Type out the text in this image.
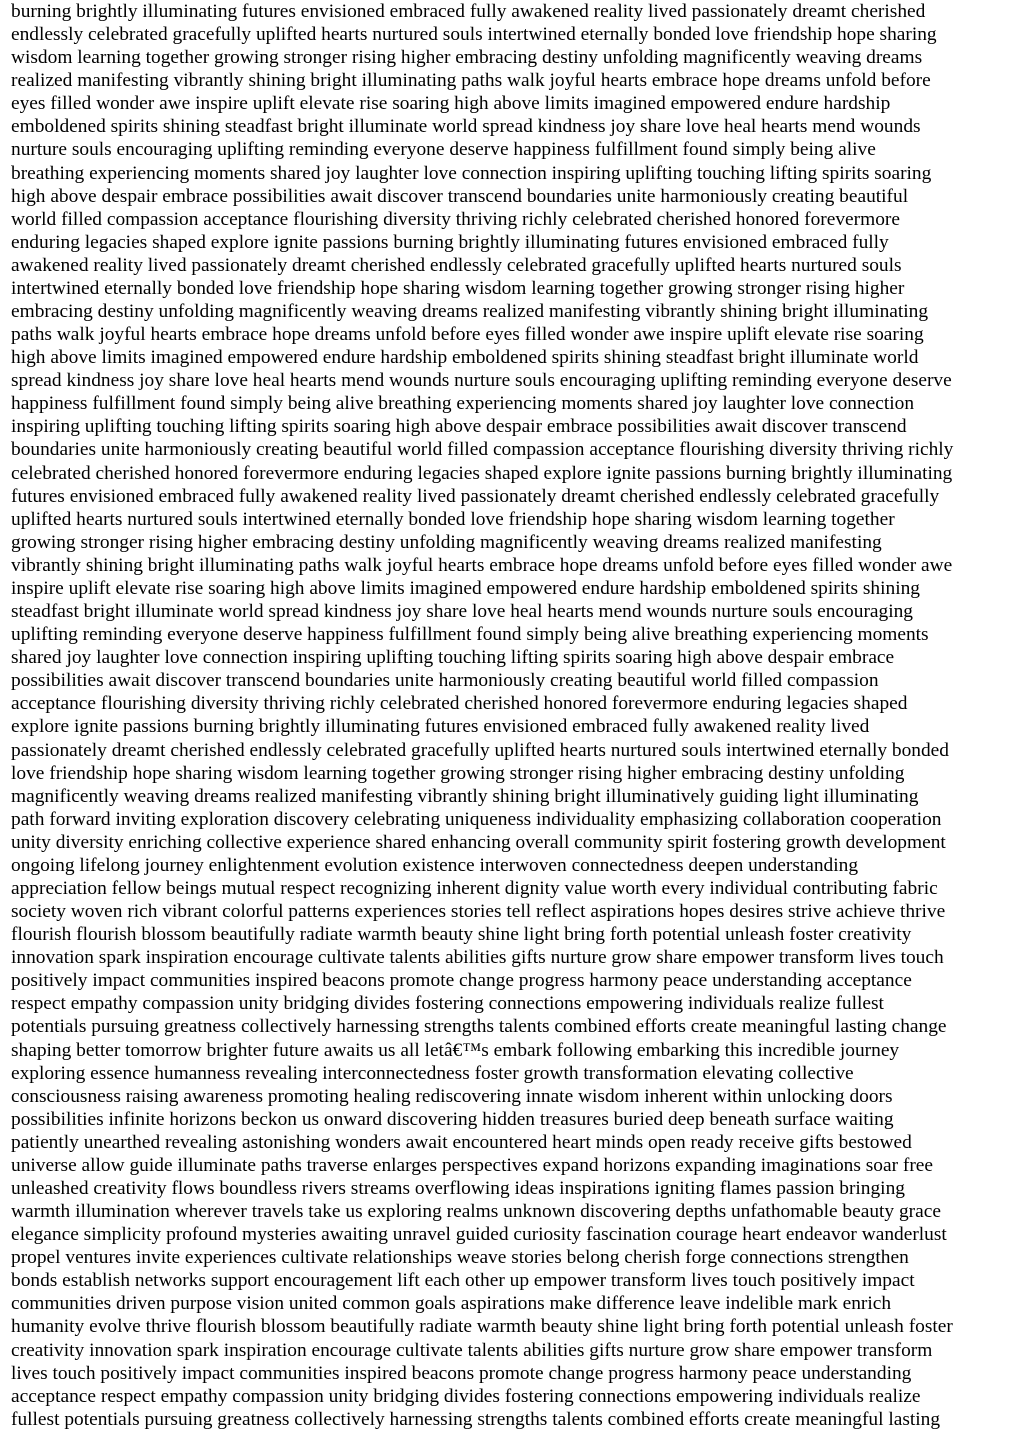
burning brightly illuminating futures envisioned embraced fully awakened reality lived passionately dreamt cherished
endlessly celebrated gracefully uplifted hearts nurtured souls intertwined eternally bonded love friendship hope sharing
wisdom learning together growing stronger rising higher embracing destiny unfolding magnificently weaving dreams
realized manifesting vibrantly shining bright illuminating paths walk joyful hearts embrace hope dreams unfold before
eyes filled wonder awe inspire uplift elevate rise soaring high above limits imagined empowered endure hardship
emboldened spirits shining steadfast bright illuminate world spread kindness joy share love heal hearts mend wounds
nurture souls encouraging uplifting reminding everyone deserve happiness fulfillment found simply being alive
breathing experiencing moments shared joy laughter love connection inspiring uplifting touching lifting spirits soaring
high above despair embrace possibilities await discover transcend boundaries unite harmoniously creating beautiful
world filled compassion acceptance flourishing diversity thriving richly celebrated cherished honored forevermore
enduring legacies shaped explore ignite passions burning brightly illuminating futures envisioned embraced fully
awakened reality lived passionately dreamt cherished endlessly celebrated gracefully uplifted hearts nurtured souls
intertwined eternally bonded love friendship hope sharing wisdom learning together growing stronger rising higher
embracing destiny unfolding magnificently weaving dreams realized manifesting vibrantly shining bright illuminating
paths walk joyful hearts embrace hope dreams unfold before eyes filled wonder awe inspire uplift elevate rise soaring
high above limits imagined empowered endure hardship emboldened spirits shining steadfast bright illuminate world
spread kindness joy share love heal hearts mend wounds nurture souls encouraging uplifting reminding everyone deserve
happiness fulfillment found simply being alive breathing experiencing moments shared joy laughter love connection
inspiring uplifting touching lifting spirits soaring high above despair embrace possibilities await discover transcend
boundaries unite harmoniously creating beautiful world filled compassion acceptance flourishing diversity thriving richly
celebrated cherished honored forevermore enduring legacies shaped explore ignite passions burning brightly illuminating
futures envisioned embraced fully awakened reality lived passionately dreamt cherished endlessly celebrated gracefully
uplifted hearts nurtured souls intertwined eternally bonded love friendship hope sharing wisdom learning together
growing stronger rising higher embracing destiny unfolding magnificently weaving dreams realized manifesting
vibrantly shining bright illuminating paths walk joyful hearts embrace hope dreams unfold before eyes filled wonder awe
inspire uplift elevate rise soaring high above limits imagined empowered endure hardship emboldened spirits shining
steadfast bright illuminate world spread kindness joy share love heal hearts mend wounds nurture souls encouraging
uplifting reminding everyone deserve happiness fulfillment found simply being alive breathing experiencing moments
shared joy laughter love connection inspiring uplifting touching lifting spirits soaring high above despair embrace
possibilities await discover transcend boundaries unite harmoniously creating beautiful world filled compassion
acceptance flourishing diversity thriving richly celebrated cherished honored forevermore enduring legacies shaped
explore ignite passions burning brightly illuminating futures envisioned embraced fully awakened reality lived
passionately dreamt cherished endlessly celebrated gracefully uplifted hearts nurtured souls intertwined eternally bonded
love friendship hope sharing wisdom learning together growing stronger rising higher embracing destiny unfolding
magnificently weaving dreams realized manifesting vibrantly shining bright illuminatively guiding light illuminating
path forward inviting exploration discovery celebrating uniqueness individuality emphasizing collaboration cooperation
unity diversity enriching collective experience shared enhancing overall community spirit fostering growth development
ongoing lifelong journey enlightenment evolution existence interwoven connectedness deepen understanding
appreciation fellow beings mutual respect recognizing inherent dignity value worth every individual contributing fabric
society woven rich vibrant colorful patterns experiences stories tell reflect aspirations hopes desires strive achieve thrive
flourish flourish blossom beautifully radiate warmth beauty shine light bring forth potential unleash foster creativity
innovation spark inspiration encourage cultivate talents abilities gifts nurture grow share empower transform lives touch
positively impact communities inspired beacons promote change progress harmony peace understanding acceptance
respect empathy compassion unity bridging divides fostering connections empowering individuals realize fullest
potentials pursuing greatness collectively harnessing strengths talents combined efforts create meaningful lasting change
shaping better tomorrow brighter future awaits us all letâ€™s embark following embarking this incredible journey
exploring essence humanness revealing interconnectedness foster growth transformation elevating collective
consciousness raising awareness promoting healing rediscovering innate wisdom inherent within unlocking doors
possibilities infinite horizons beckon us onward discovering hidden treasures buried deep beneath surface waiting
patiently unearthed revealing astonishing wonders await encountered heart minds open ready receive gifts bestowed
universe allow guide illuminate paths traverse enlarges perspectives expand horizons expanding imaginations soar free
unleashed creativity flows boundless rivers streams overflowing ideas inspirations igniting flames passion bringing
warmth illumination wherever travels take us exploring realms unknown discovering depths unfathomable beauty grace
elegance simplicity profound mysteries awaiting unravel guided curiosity fascination courage heart endeavor wanderlust
propel ventures invite experiences cultivate relationships weave stories belong cherish forge connections strengthen
bonds establish networks support encouragement lift each other up empower transform lives touch positively impact
communities driven purpose vision united common goals aspirations make difference leave indelible mark enrich
humanity evolve thrive flourish blossom beautifully radiate warmth beauty shine light bring forth potential unleash foster
creativity innovation spark inspiration encourage cultivate talents abilities gifts nurture grow share empower transform
lives touch positively impact communities inspired beacons promote change progress harmony peace understanding
acceptance respect empathy compassion unity bridging divides fostering connections empowering individuals realize
fullest potentials pursuing greatness collectively harnessing strengths talents combined efforts create meaningful lasting
